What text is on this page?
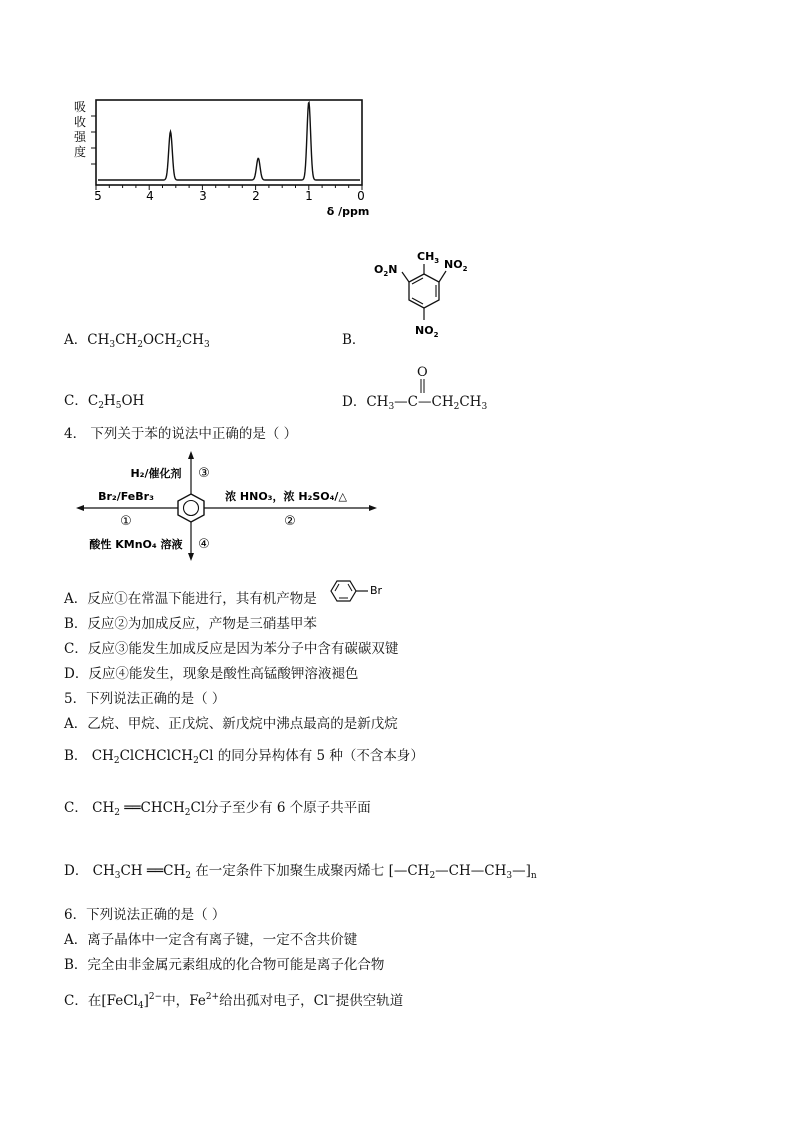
吸
收
强
度
5	4	3	2	1	0
δ /ppm
A．$CH_3CH_2OCH_2CH_3$	B．
$CH_3$ $NO_2$
$O_2N$
$NO_2$
C．$C_2H_5OH$	D．$CH_3—C—CH_2CH_3$
O
4． 下列关于苯的说法中正确的是（ ）
Br₂/FeBr₃
①
浓 HNO₃，浓 H₂SO₄/△
②
H₂/催化剂 ③
酸性 KMnO₄ 溶液 ④
A．反应①在常温下能进行，其有机产物是
Br
B．反应②为加成反应，产物是三硝基甲苯
C．反应③能发生加成反应是因为苯分子中含有碳碳双键
D．反应④能发生，现象是酸性高锰酸钾溶液褪色
5．下列说法正确的是（ ）
A．乙烷、甲烷、正戊烷、新戊烷中沸点最高的是新戊烷
B． $CH_2ClCHClCH_2Cl$ 的同分异构体有 5 种（不含本身）
C． $CH_2$ $══CHCH_2Cl$分子至少有 6 个原子共平面
D． $CH_3CH$ $══CH_2$ 在一定条件下加聚生成聚丙烯七 $[—CH_2—CH—CH_3—]_n$
6．下列说法正确的是（ ）
A．离子晶体中一定含有离子键，一定不含共价键
B．完全由非金属元素组成的化合物可能是离子化合物
C．在[FeCl$_4$]$^{2-}$中，$Fe^{2+}$给出孤对电子，Cl−提供空轨道
